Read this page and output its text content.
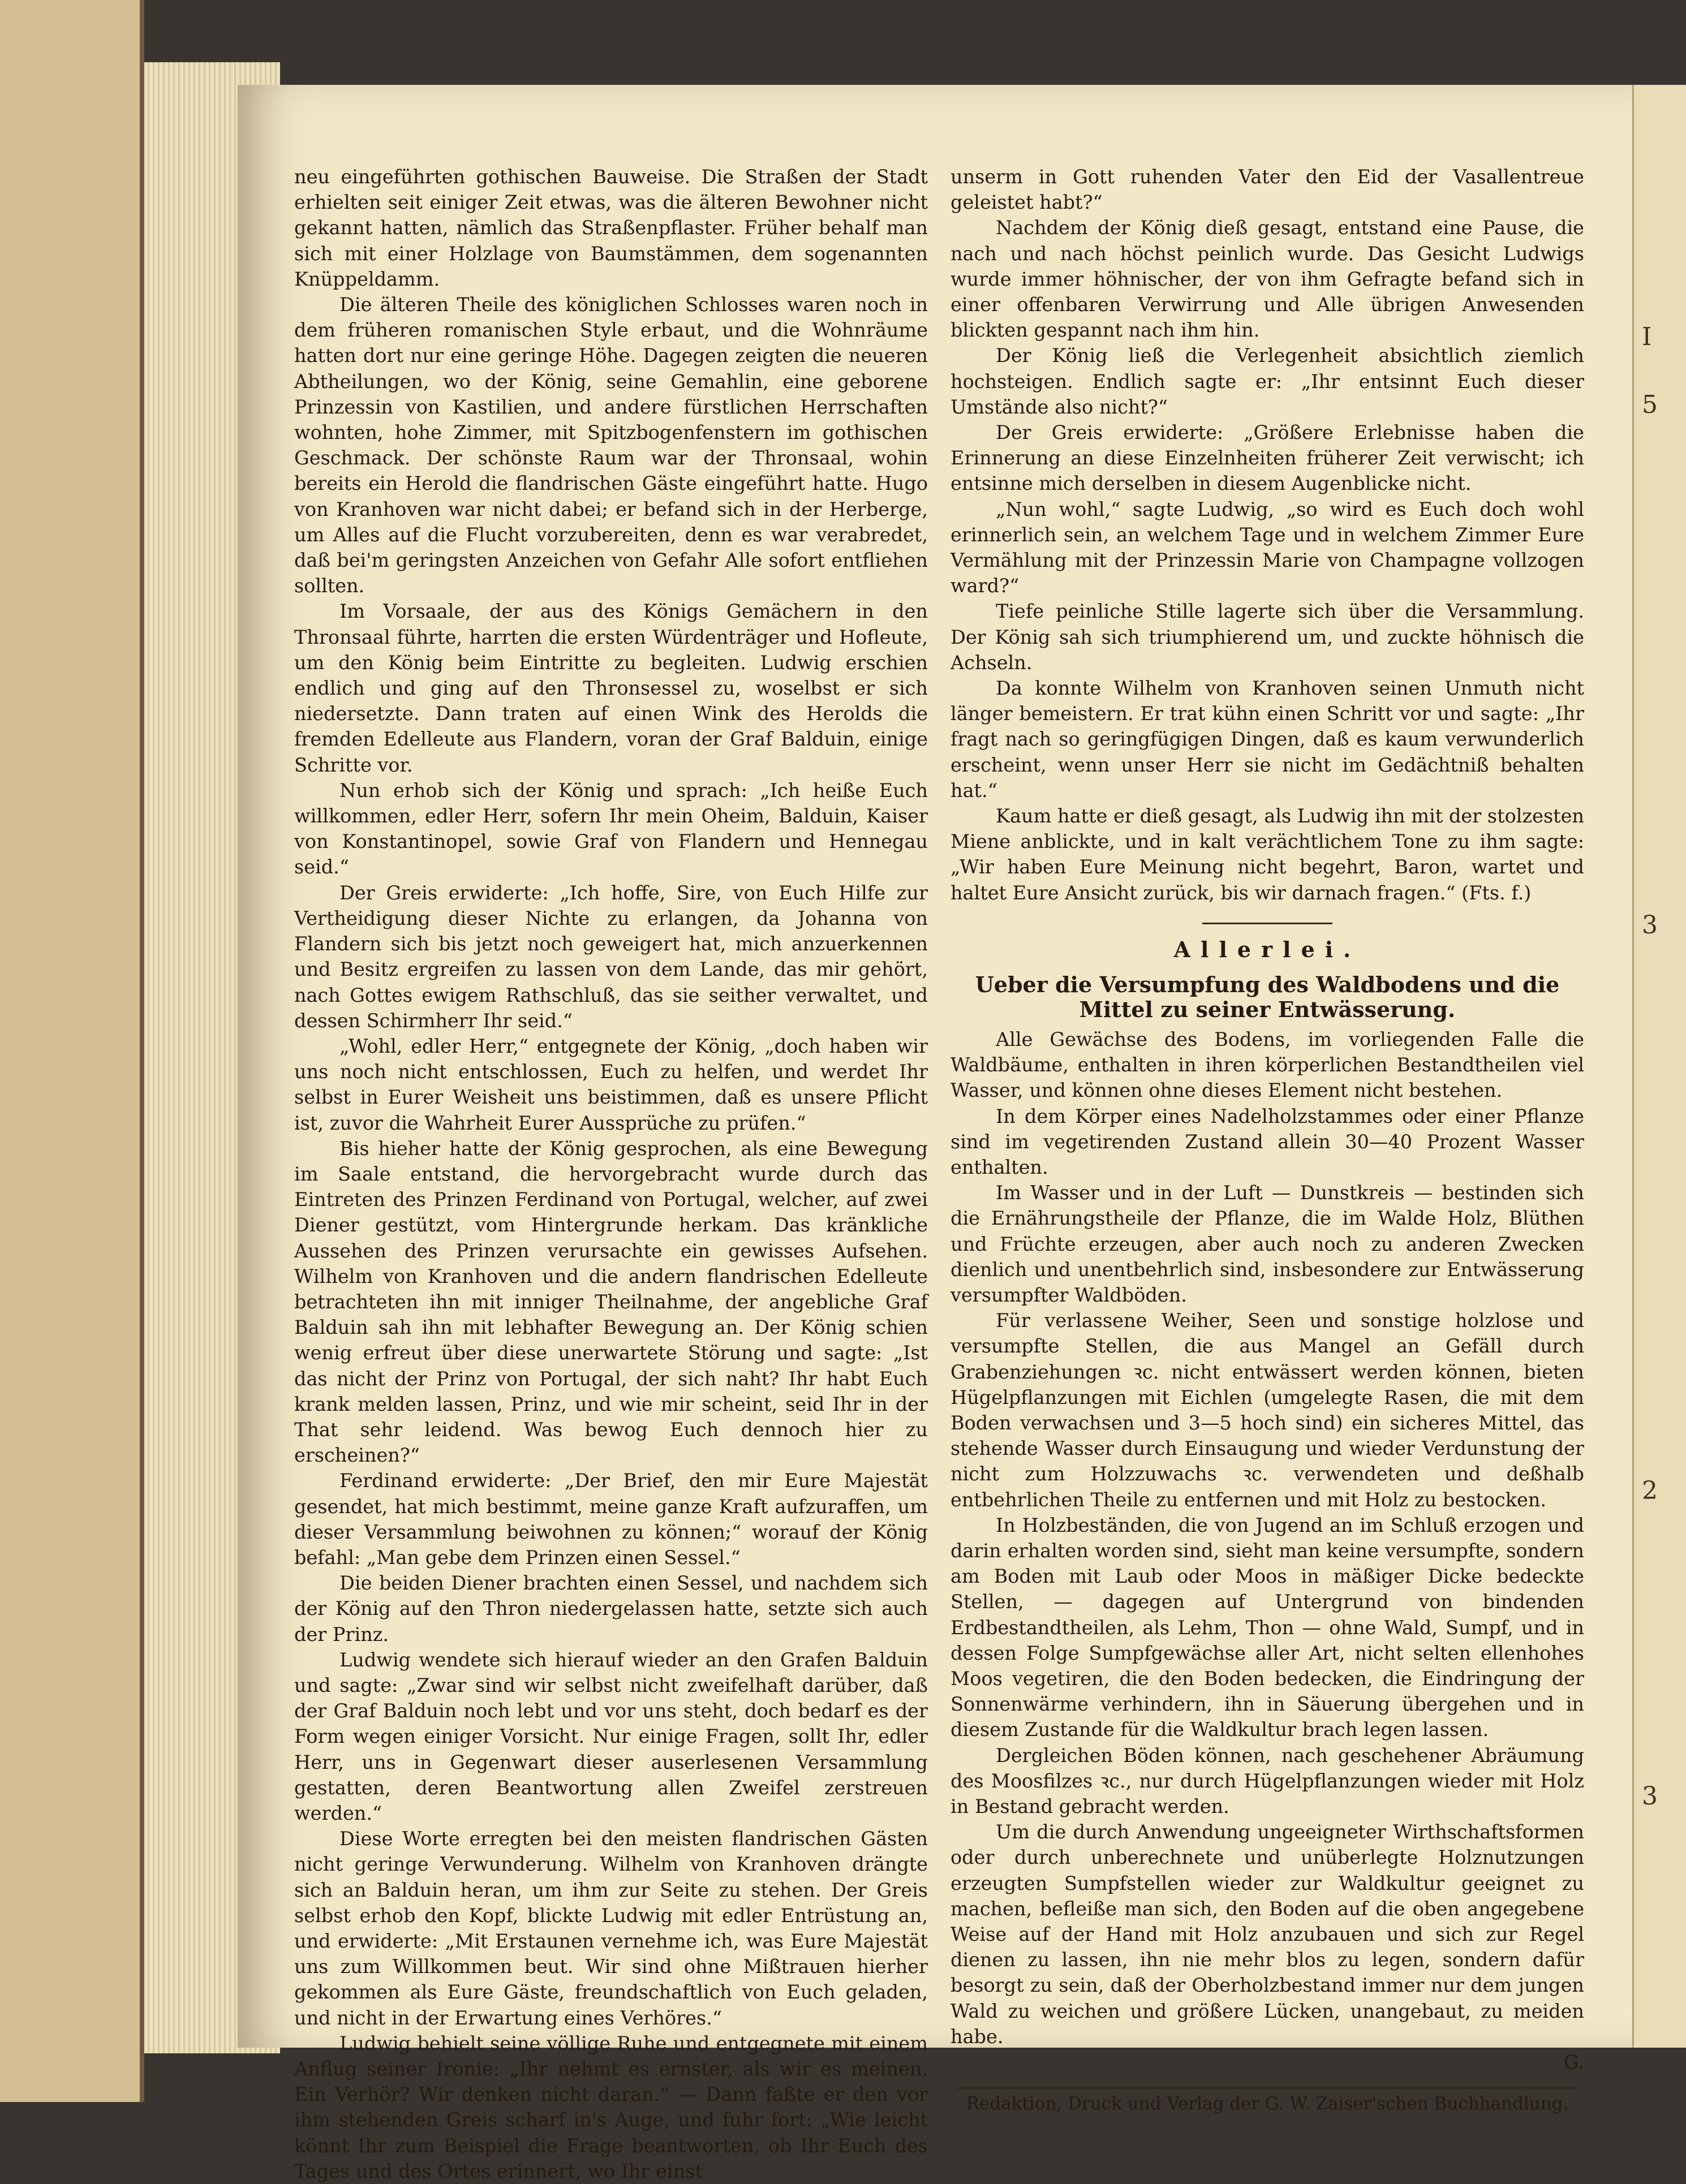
neu eingeführten gothischen Bauweise. Die Straßen der Stadt erhielten seit einiger Zeit etwas, was die älteren Bewohner nicht gekannt hatten, nämlich das Straßenpflaster. Früher behalf man sich mit einer Holzlage von Baumstämmen, dem sogenannten Knüppeldamm.

Die älteren Theile des königlichen Schlosses waren noch in dem früheren romanischen Style erbaut, und die Wohnräume hatten dort nur eine geringe Höhe. Dagegen zeigten die neueren Abtheilungen, wo der König, seine Gemahlin, eine geborene Prinzessin von Kastilien, und andere fürstlichen Herrschaften wohnten, hohe Zimmer, mit Spitzbogenfenstern im gothischen Geschmack. Der schönste Raum war der Thronsaal, wohin bereits ein Herold die flandrischen Gäste eingeführt hatte. Hugo von Kranhoven war nicht dabei; er befand sich in der Herberge, um Alles auf die Flucht vorzubereiten, denn es war verabredet, daß bei'm geringsten Anzeichen von Gefahr Alle sofort entfliehen sollten.

Im Vorsaale, der aus des Königs Gemächern in den Thronsaal führte, harrten die ersten Würdenträger und Hofleute, um den König beim Eintritte zu begleiten. Ludwig erschien endlich und ging auf den Thronsessel zu, woselbst er sich niedersetzte. Dann traten auf einen Wink des Herolds die fremden Edelleute aus Flandern, voran der Graf Balduin, einige Schritte vor.

Nun erhob sich der König und sprach: „Ich heiße Euch willkommen, edler Herr, sofern Ihr mein Oheim, Balduin, Kaiser von Konstantinopel, sowie Graf von Flandern und Hennegau seid.“

Der Greis erwiderte: „Ich hoffe, Sire, von Euch Hilfe zur Vertheidigung dieser Nichte zu erlangen, da Johanna von Flandern sich bis jetzt noch geweigert hat, mich anzuerkennen und Besitz ergreifen zu lassen von dem Lande, das mir gehört, nach Gottes ewigem Rathschluß, das sie seither verwaltet, und dessen Schirmherr Ihr seid.“

„Wohl, edler Herr,“ entgegnete der König, „doch haben wir uns noch nicht entschlossen, Euch zu helfen, und werdet Ihr selbst in Eurer Weisheit uns beistimmen, daß es unsere Pflicht ist, zuvor die Wahrheit Eurer Aussprüche zu prüfen.“

Bis hieher hatte der König gesprochen, als eine Bewegung im Saale entstand, die hervorgebracht wurde durch das Eintreten des Prinzen Ferdinand von Portugal, welcher, auf zwei Diener gestützt, vom Hintergrunde herkam. Das kränkliche Aussehen des Prinzen verursachte ein gewisses Aufsehen. Wilhelm von Kranhoven und die andern flandrischen Edelleute betrachteten ihn mit inniger Theilnahme, der angebliche Graf Balduin sah ihn mit lebhafter Bewegung an. Der König schien wenig erfreut über diese unerwartete Störung und sagte: „Ist das nicht der Prinz von Portugal, der sich naht? Ihr habt Euch krank melden lassen, Prinz, und wie mir scheint, seid Ihr in der That sehr leidend. Was bewog Euch dennoch hier zu erscheinen?“

Ferdinand erwiderte: „Der Brief, den mir Eure Majestät gesendet, hat mich bestimmt, meine ganze Kraft aufzuraffen, um dieser Versammlung beiwohnen zu können;“ worauf der König befahl: „Man gebe dem Prinzen einen Sessel.“

Die beiden Diener brachten einen Sessel, und nachdem sich der König auf den Thron niedergelassen hatte, setzte sich auch der Prinz.

Ludwig wendete sich hierauf wieder an den Grafen Balduin und sagte: „Zwar sind wir selbst nicht zweifelhaft darüber, daß der Graf Balduin noch lebt und vor uns steht, doch bedarf es der Form wegen einiger Vorsicht. Nur einige Fragen, sollt Ihr, edler Herr, uns in Gegenwart dieser auserlesenen Versammlung gestatten, deren Beantwortung allen Zweifel zerstreuen werden.“

Diese Worte erregten bei den meisten flandrischen Gästen nicht geringe Verwunderung. Wilhelm von Kranhoven drängte sich an Balduin heran, um ihm zur Seite zu stehen. Der Greis selbst erhob den Kopf, blickte Ludwig mit edler Entrüstung an, und erwiderte: „Mit Erstaunen vernehme ich, was Eure Majestät uns zum Willkommen beut. Wir sind ohne Mißtrauen hierher gekommen als Eure Gäste, freundschaftlich von Euch geladen, und nicht in der Erwartung eines Verhöres.“

Ludwig behielt seine völlige Ruhe und entgegnete mit einem Anflug seiner Ironie: „Ihr nehmt es ernster, als wir es meinen. Ein Verhör? Wir denken nicht daran.“ — Dann faßte er den vor ihm stehenden Greis scharf in's Auge, und fuhr fort: „Wie leicht könnt Ihr zum Beispiel die Frage beantworten, ob Ihr Euch des Tages und des Ortes erinnert, wo Ihr einst

unserm in Gott ruhenden Vater den Eid der Vasallentreue geleistet habt?“

Nachdem der König dieß gesagt, entstand eine Pause, die nach und nach höchst peinlich wurde. Das Gesicht Ludwigs wurde immer höhnischer, der von ihm Gefragte befand sich in einer offenbaren Verwirrung und Alle übrigen Anwesenden blickten gespannt nach ihm hin.

Der König ließ die Verlegenheit absichtlich ziemlich hochsteigen. Endlich sagte er: „Ihr entsinnt Euch dieser Umstände also nicht?“

Der Greis erwiderte: „Größere Erlebnisse haben die Erinnerung an diese Einzelnheiten früherer Zeit verwischt; ich entsinne mich derselben in diesem Augenblicke nicht.

„Nun wohl,“ sagte Ludwig, „so wird es Euch doch wohl erinnerlich sein, an welchem Tage und in welchem Zimmer Eure Vermählung mit der Prinzessin Marie von Champagne vollzogen ward?“

Tiefe peinliche Stille lagerte sich über die Versammlung. Der König sah sich triumphierend um, und zuckte höhnisch die Achseln.

Da konnte Wilhelm von Kranhoven seinen Unmuth nicht länger bemeistern. Er trat kühn einen Schritt vor und sagte: „Ihr fragt nach so geringfügigen Dingen, daß es kaum verwunderlich erscheint, wenn unser Herr sie nicht im Gedächtniß behalten hat.“

Kaum hatte er dieß gesagt, als Ludwig ihn mit der stolzesten Miene anblickte, und in kalt verächtlichem Tone zu ihm sagte: „Wir haben Eure Meinung nicht begehrt, Baron, wartet und haltet Eure Ansicht zurück, bis wir darnach fragen.“ (Fts. f.)

Allerlei.
Ueber die Versumpfung des Waldbodens und die Mittel zu seiner Entwässerung.

Alle Gewächse des Bodens, im vorliegenden Falle die Waldbäume, enthalten in ihren körperlichen Bestandtheilen viel Wasser, und können ohne dieses Element nicht bestehen.

In dem Körper eines Nadelholzstammes oder einer Pflanze sind im vegetirenden Zustand allein 30—40 Prozent Wasser enthalten.

Im Wasser und in der Luft — Dunstkreis — bestinden sich die Ernährungstheile der Pflanze, die im Walde Holz, Blüthen und Früchte erzeugen, aber auch noch zu anderen Zwecken dienlich und unentbehrlich sind, insbesondere zur Entwässerung versumpfter Waldböden.

Für verlassene Weiher, Seen und sonstige holzlose und versumpfte Stellen, die aus Mangel an Gefäll durch Grabenziehungen ꝛc. nicht entwässert werden können, bieten Hügelpflanzungen mit Eichlen (umgelegte Rasen, die mit dem Boden verwachsen und 3—5 hoch sind) ein sicheres Mittel, das stehende Wasser durch Einsaugung und wieder Verdunstung der nicht zum Holzzuwachs ꝛc. verwendeten und deßhalb entbehrlichen Theile zu entfernen und mit Holz zu bestocken.

In Holzbeständen, die von Jugend an im Schluß erzogen und darin erhalten worden sind, sieht man keine versumpfte, sondern am Boden mit Laub oder Moos in mäßiger Dicke bedeckte Stellen, — dagegen auf Untergrund von bindenden Erdbestandtheilen, als Lehm, Thon — ohne Wald, Sumpf, und in dessen Folge Sumpfgewächse aller Art, nicht selten ellenhohes Moos vegetiren, die den Boden bedecken, die Eindringung der Sonnenwärme verhindern, ihn in Säuerung übergehen und in diesem Zustande für die Waldkultur brach legen lassen.

Dergleichen Böden können, nach geschehener Abräumung des Moosfilzes ꝛc., nur durch Hügelpflanzungen wieder mit Holz in Bestand gebracht werden.

Um die durch Anwendung ungeeigneter Wirthschaftsformen oder durch unberechnete und unüberlegte Holznutzungen erzeugten Sumpfstellen wieder zur Waldkultur geeignet zu machen, befleiße man sich, den Boden auf die oben angegebene Weise auf der Hand mit Holz anzubauen und sich zur Regel dienen zu lassen, ihn nie mehr blos zu legen, sondern dafür besorgt zu sein, daß der Oberholzbestand immer nur dem jungen Wald zu weichen und größere Lücken, unangebaut, zu meiden habe.

G.

Redaktion, Druck und Verlag der G. W. Zaiser'schen Buchhandlung.
I
5
3
2
3
